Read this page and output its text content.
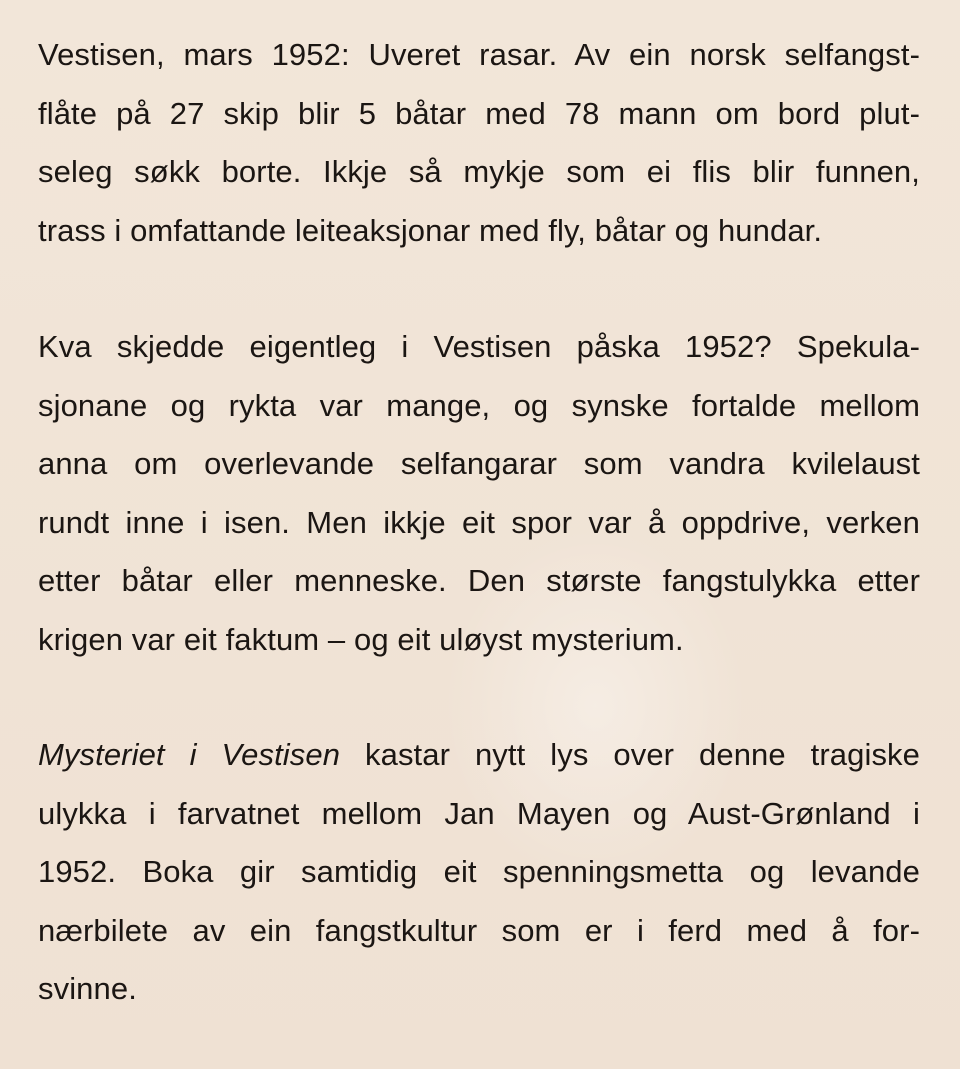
Vestisen, mars 1952: Uveret rasar. Av ein norsk selfangst-
flåte på 27 skip blir 5 båtar med 78 mann om bord plut-
seleg søkk borte. Ikkje så mykje som ei flis blir funnen,
trass i omfattande leiteaksjonar med fly, båtar og hundar.
Kva skjedde eigentleg i Vestisen påska 1952? Spekula-
sjonane og rykta var mange, og synske fortalde mellom
anna om overlevande selfangarar som vandra kvilelaust
rundt inne i isen. Men ikkje eit spor var å oppdrive, verken
etter båtar eller menneske. Den største fangstulykka etter
krigen var eit faktum – og eit uløyst mysterium.
Mysteriet i Vestisen kastar nytt lys over denne tragiske
ulykka i farvatnet mellom Jan Mayen og Aust-Grønland i
1952. Boka gir samtidig eit spenningsmetta og levande
nærbilete av ein fangstkultur som er i ferd med å for-
svinne.
